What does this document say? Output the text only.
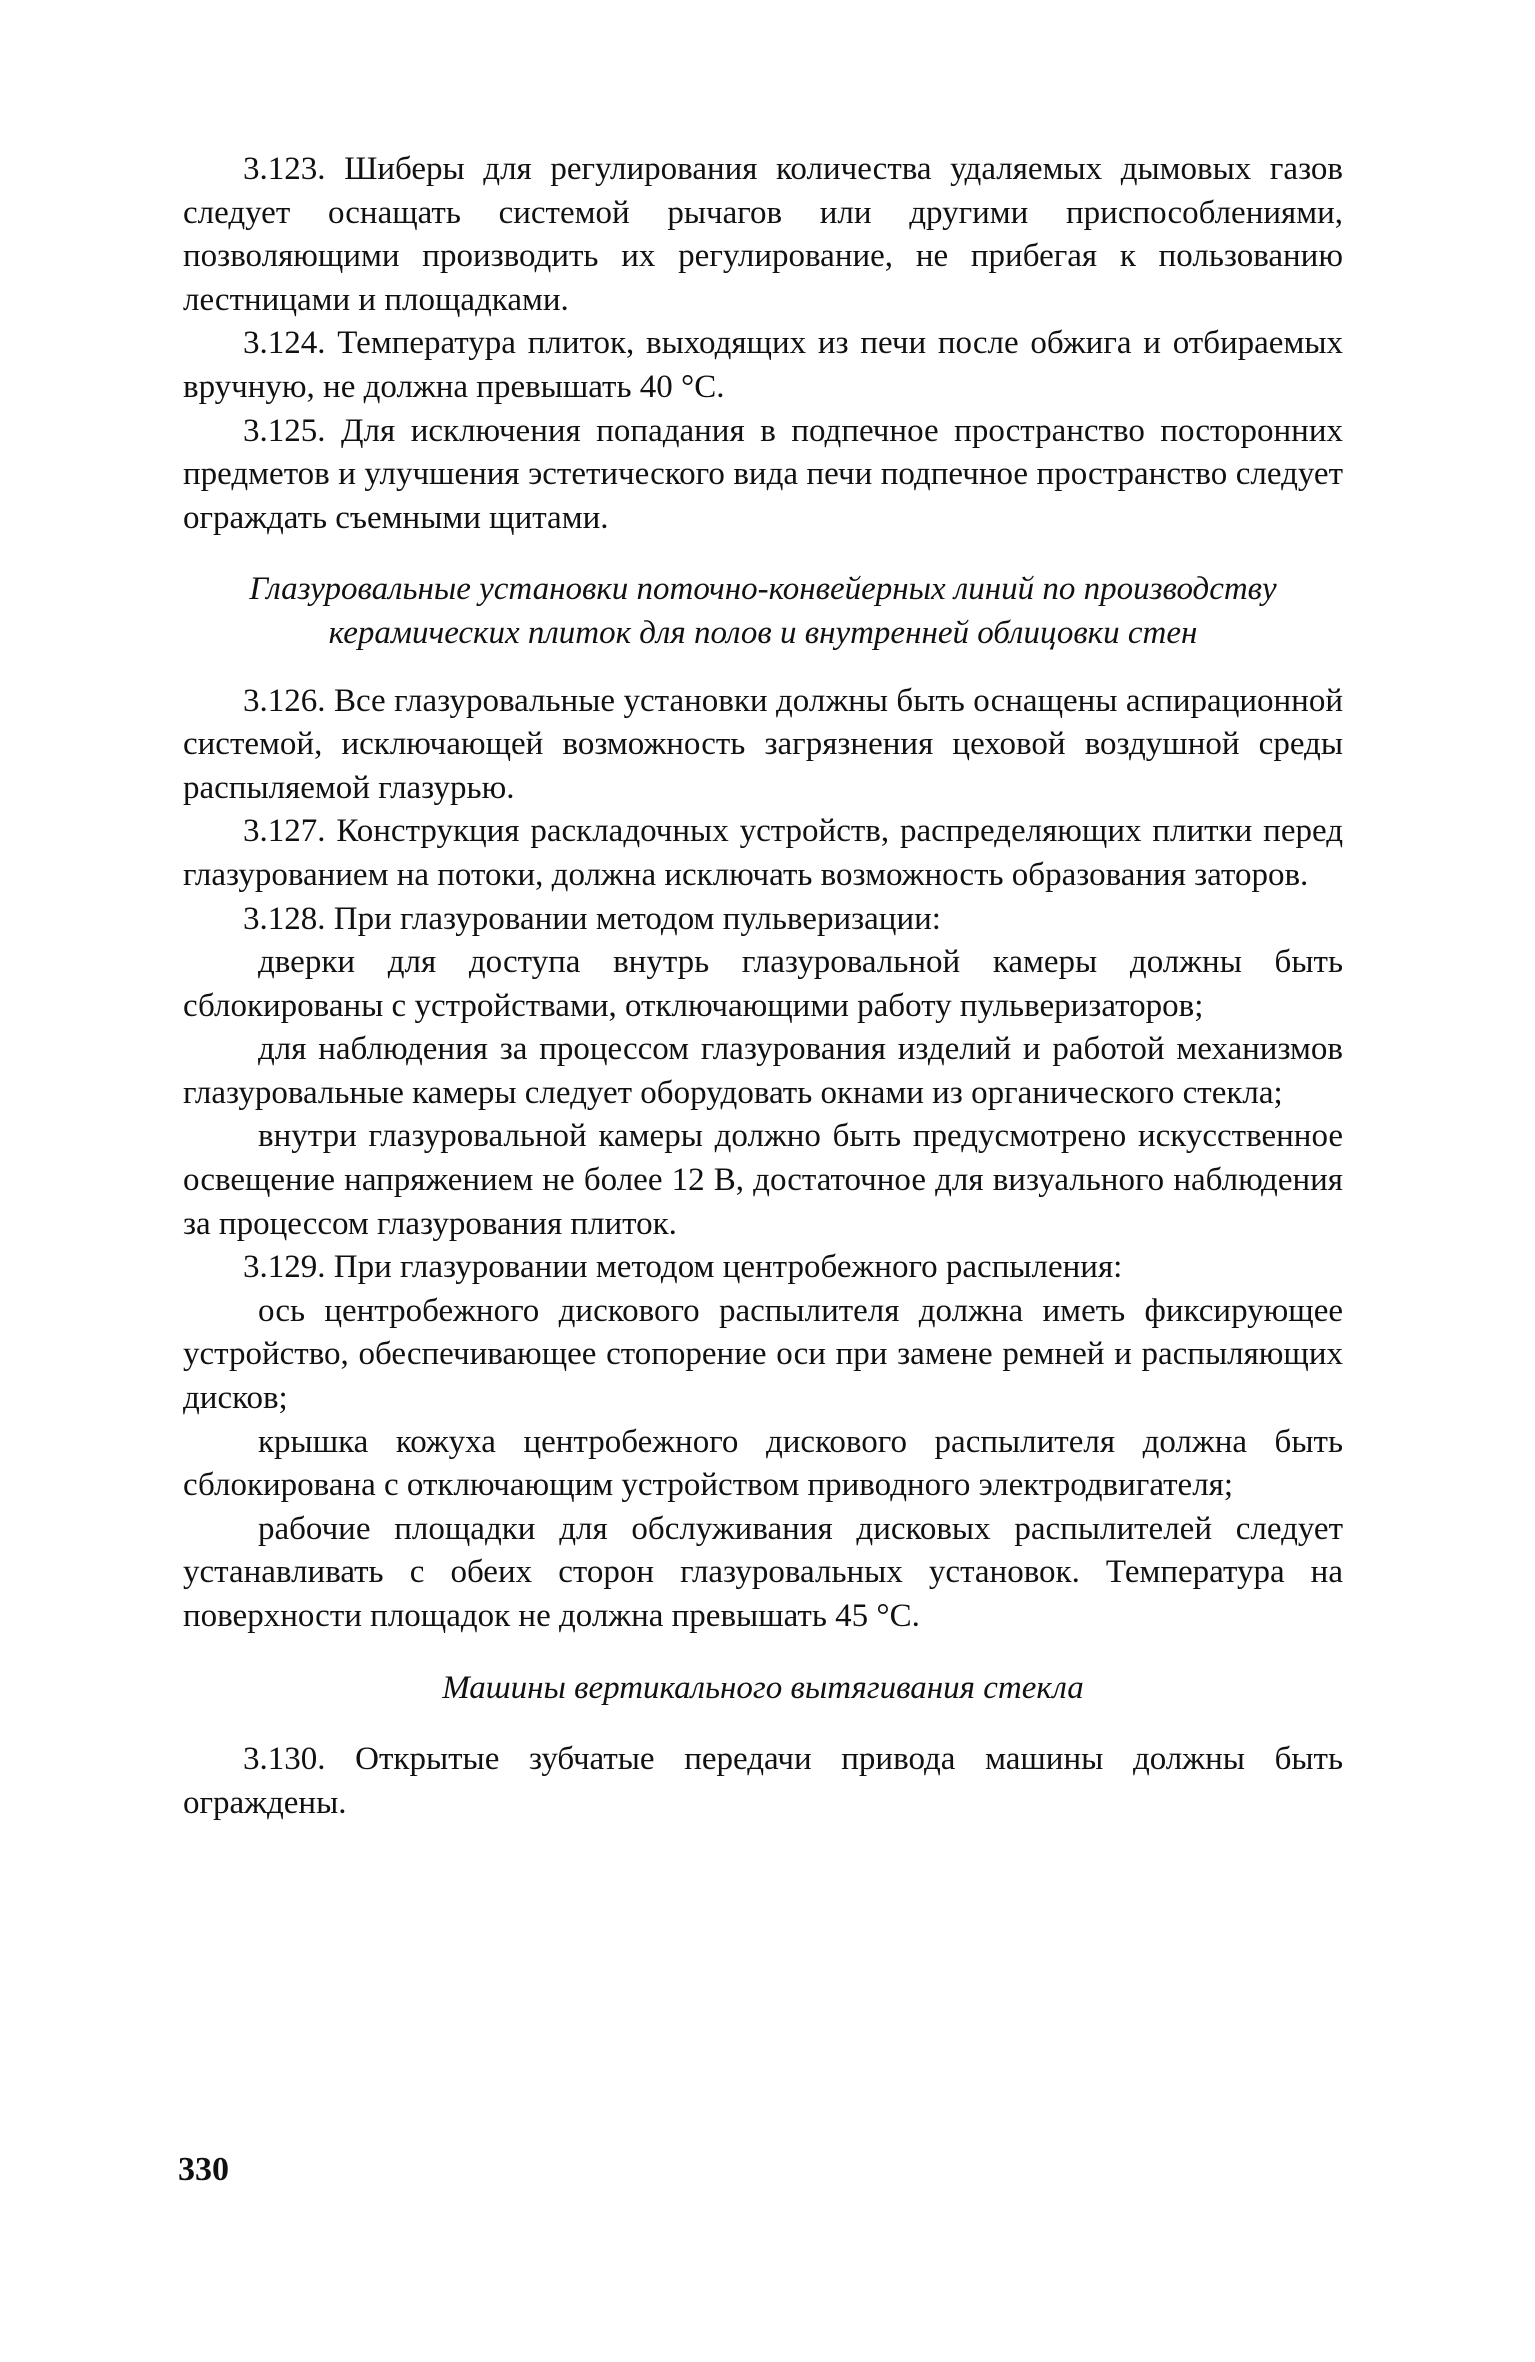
3.123. Шиберы для регулирования количества удаляемых дымовых газов следует оснащать системой рычагов или другими приспособлениями, позволяющими производить их регулирование, не прибегая к пользованию лестницами и площадками.

3.124. Температура плиток, выходящих из печи после обжига и отбираемых вручную, не должна превышать 40 °С.

3.125. Для исключения попадания в подпечное пространство посторонних предметов и улучшения эстетического вида печи подпечное пространство следует ограждать съемными щитами.

Глазуровальные установки поточно-конвейерных линий по производству керамических плиток для полов и внутренней облицовки стен

3.126. Все глазуровальные установки должны быть оснащены аспирационной системой, исключающей возможность загрязнения цеховой воздушной среды распыляемой глазурью.

3.127. Конструкция раскладочных устройств, распределяющих плитки перед глазурованием на потоки, должна исключать возможность образования заторов.

3.128. При глазуровании методом пульверизации:

дверки для доступа внутрь глазуровальной камеры должны быть сблокированы с устройствами, отключающими работу пульверизаторов;

для наблюдения за процессом глазурования изделий и работой механизмов глазуровальные камеры следует оборудовать окнами из органического стекла;

внутри глазуровальной камеры должно быть предусмотрено искусственное освещение напряжением не более 12 В, достаточное для визуального наблюдения за процессом глазурования плиток.

3.129. При глазуровании методом центробежного распыления:

ось центробежного дискового распылителя должна иметь фиксирующее устройство, обеспечивающее стопорение оси при замене ремней и распыляющих дисков;

крышка кожуха центробежного дискового распылителя должна быть сблокирована с отключающим устройством приводного электродвигателя;

рабочие площадки для обслуживания дисковых распылителей следует устанавливать с обеих сторон глазуровальных установок. Температура на поверхности площадок не должна превышать 45 °С.

Машины вертикального вытягивания стекла

3.130. Открытые зубчатые передачи привода машины должны быть ограждены.

330
